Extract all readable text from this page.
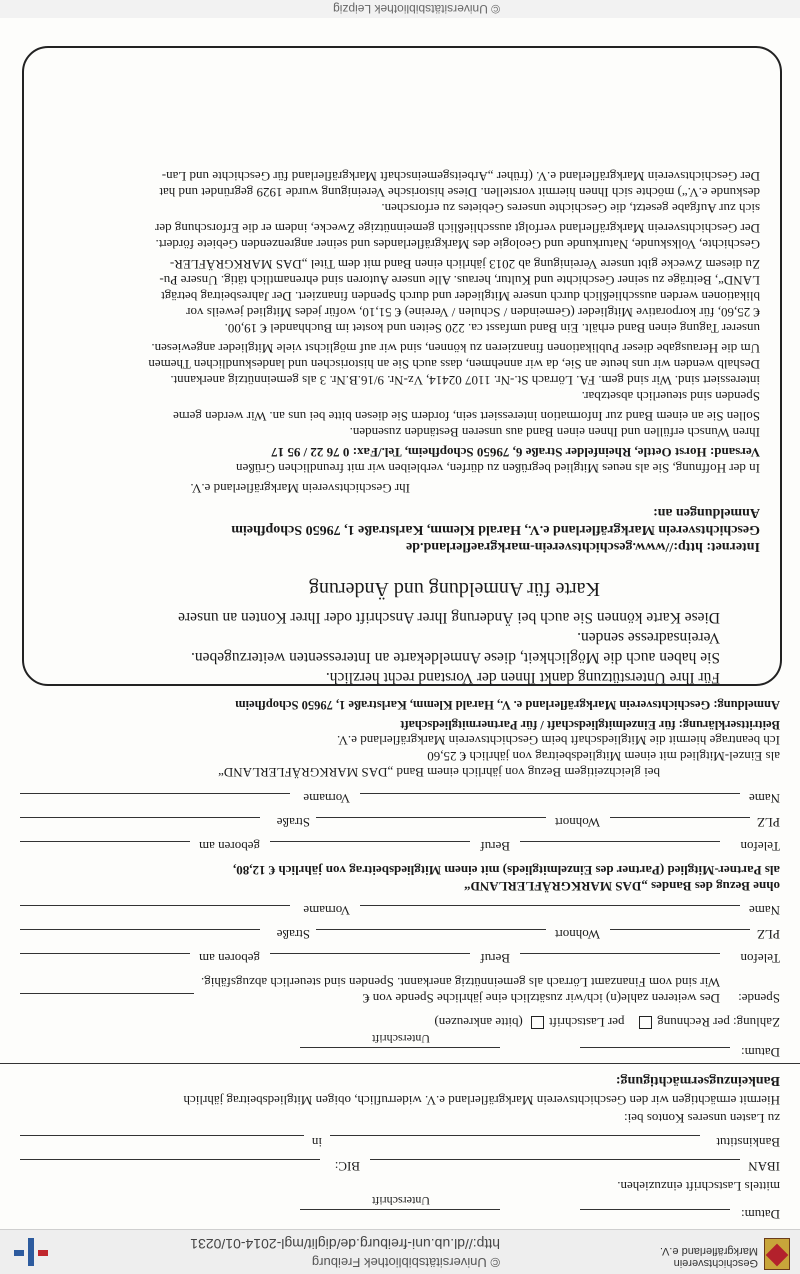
Geschichtsverein Markgräflerland e.V.
© Universitätsbibliothek Freiburg
http://dl.ub.uni-freiburg.de/diglit/mgl-2014-01/0231
Datum:
Unterschrift
mittels Lastschrift einzuziehen.
IBAN
BIC:
Bankinstitut
in
zu Lasten unseres Kontos bei:
Hiermit ermächtigen wir den Geschichtsverein Markgräflerland e.V. widerruflich, obigen Mitgliedsbeitrag jährlich
Bankeinzugsermächtigung:
Datum:
Unterschrift
Zahlung: per Rechnung   per Lastschrift (bitte ankreuzen)
Spende:
Des weiteren zahle(n) ich/wir zusätzlich eine jährliche Spende von €
Wir sind vom Finanzamt Lörrach als gemeinnützig anerkannt. Spenden sind steuerlich abzugsfähig.
Telefon
Beruf
geboren am
PLZ
Wohnort
Straße
Name
Vorname
ohne Bezug des Bandes „DAS MARKGRÄFLERLAND“
als Partner-Mitglied (Partner des Einzelmitglieds) mit einem Mitgliedsbeitrag von jährlich € 12,80,
Telefon
Beruf
geboren am
PLZ
Wohnort
Straße
Name
Vorname
bei gleichzeitigem Bezug von jährlich einem Band „DAS MARKGRÄFLERLAND“
als Einzel-Mitglied mit einem Mitgliedsbeitrag von jährlich € 25,60
Ich beantrage hiermit die Mitgliedschaft beim Geschichtsverein Markgräflerland e.V.
Beitrittserklärung: für Einzelmitgliedschaft / für Partnermitgliedschaft
Anmeldung: Geschichtsverein Markgräflerland e. V., Harald Klemm, Karlstraße 1, 79650 Schopfheim
Für Ihre Unterstützung dankt Ihnen der Vorstand recht herzlich.
Sie haben auch die Möglichkeit, diese Anmeldekarte an Interessenten weiterzugeben.
Vereinsadresse senden.
Diese Karte können Sie auch bei Änderung Ihrer Anschrift oder Ihrer Konten an unsere
Karte für Anmeldung und Änderung
Internet: http://www.geschichtsverein-markgraeflerland.de
Geschichtsverein Markgräflerland e.V., Harald Klemm, Karlstraße 1, 79650 Schopfheim
Anmeldungen an:
Ihr Geschichtsverein Markgräflerland e.V.
In der Hoffnung, Sie als neues Mitglied begrüßen zu dürfen, verbleiben wir mit freundlichen Grüßen
Versand: Horst Oettle, Rheinfelder Straße 6, 79650 Schopfheim, Tel./Fax: 0 76 22 / 95 17
Ihren Wunsch erfüllen und Ihnen einen Band aus unseren Beständen zusenden.
Sollen Sie an einem Band zur Information interessiert sein, fordern Sie diesen bitte bei uns an. Wir werden gerne
Spenden sind steuerlich absetzbar.
interessiert sind. Wir sind gem. FA. Lörrach St.-Nr. 1107 02414, Vz-Nr. 9/16.B.Nr. 3 als gemeinnützig anerkannt.
Deshalb wenden wir uns heute an Sie, da wir annehmen, dass auch Sie an historischen und landeskundlichen Themen
Um die Herausgabe dieser Publikationen finanzieren zu können, sind wir auf möglichst viele Mitglieder angewiesen.
unserer Tagung einen Band erhält. Ein Band umfasst ca. 220 Seiten und kostet im Buchhandel € 19,00.
€ 25,60, für korporative Mitglieder (Gemeinden / Schulen / Vereine) € 51,10, wofür jedes Mitglied jeweils vor
blikationen werden ausschließlich durch unsere Mitglieder und durch Spenden finanziert. Der Jahresbeitrag beträgt
LAND“, Beiträge zu seiner Geschichte und Kultur, heraus. Alle unsere Autoren sind ehrenamtlich tätig. Unsere Pu-
Zu diesem Zwecke gibt unsere Vereinigung ab 2013 jährlich einen Band mit dem Titel „DAS MARKGRÄFLER-
Geschichte, Volkskunde, Naturkunde und Geologie des Markgräflerlandes und seiner angrenzenden Gebiete fördert.
Der Geschichtsverein Markgräflerland verfolgt ausschließlich gemeinnützige Zwecke, indem er die Erforschung der
sich zur Aufgabe gesetzt, die Geschichte unseres Gebietes zu erforschen.
deskunde e.V.“) möchte sich Ihnen hiermit vorstellen. Diese historische Vereinigung wurde 1929 gegründet und hat
Der Geschichtsverein Markgräflerland e.V. (früher „Arbeitsgemeinschaft Markgräflerland für Geschichte und Lan-
© Universitätsbibliothek Leipzig
